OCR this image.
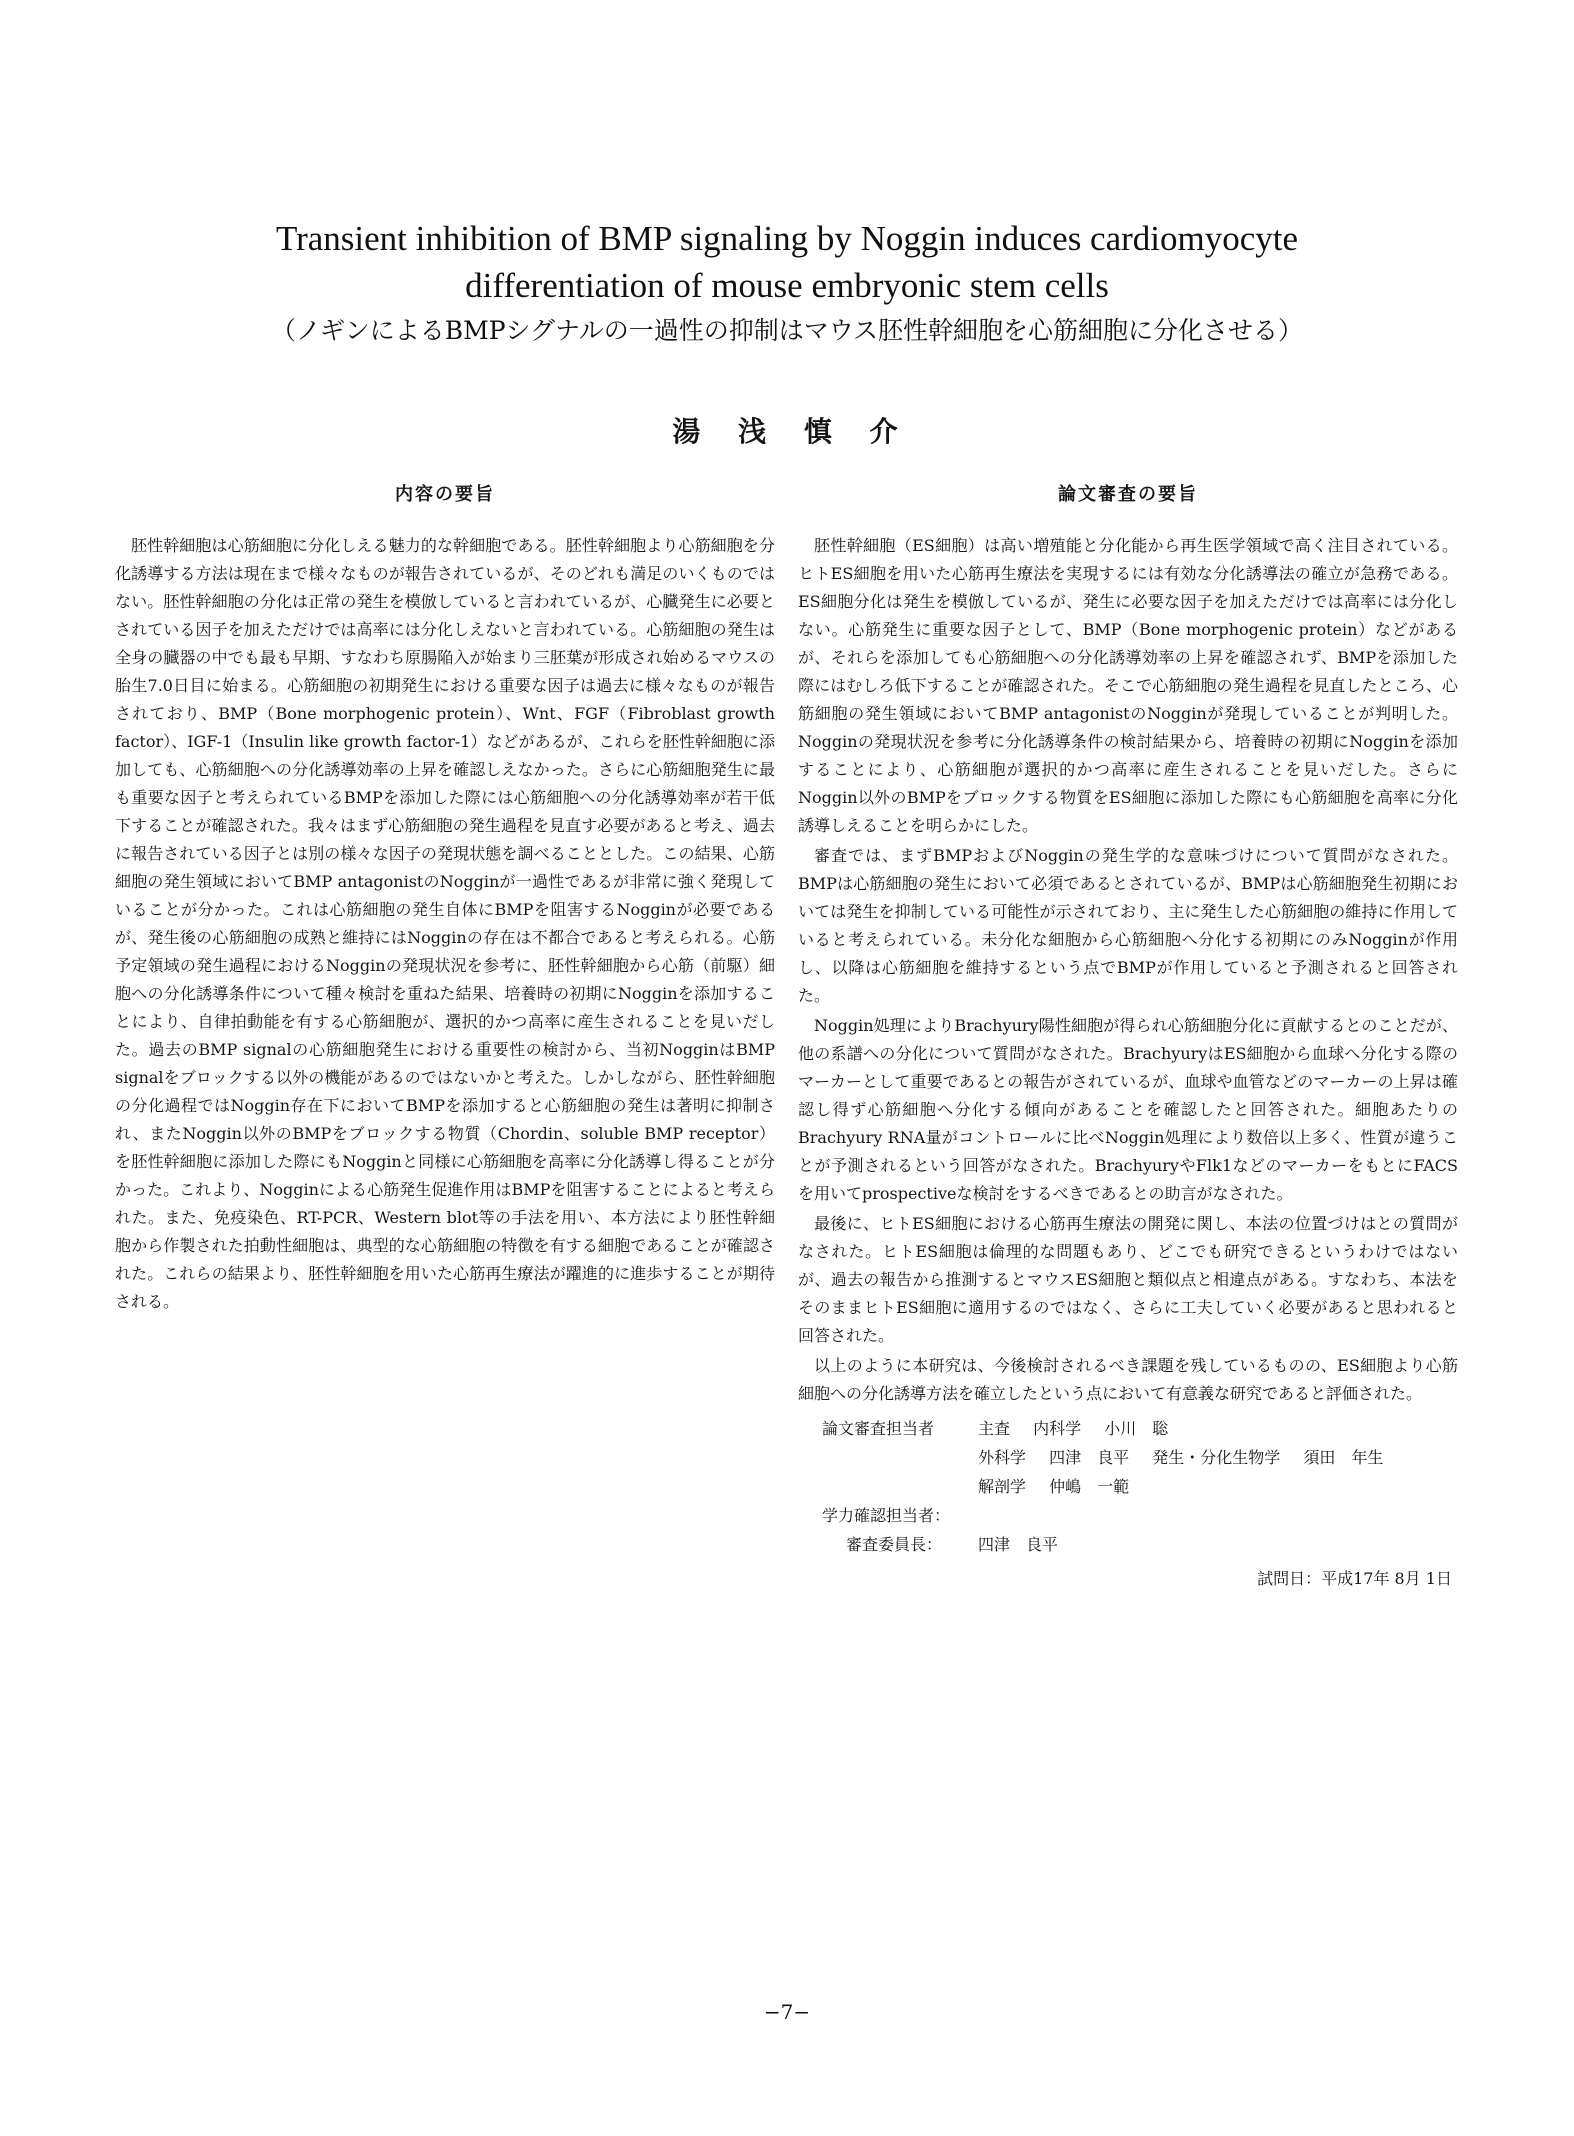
Transient inhibition of BMP signaling by Noggin induces cardiomyocyte differentiation of mouse embryonic stem cells
（ノギンによるBMPシグナルの一過性の抑制はマウス胚性幹細胞を心筋細胞に分化させる）
湯 浅 慎 介
内容の要旨

胚性幹細胞は心筋細胞に分化しえる魅力的な幹細胞である。胚性幹細胞より心筋細胞を分化誘導する方法は現在まで様々なものが報告されているが、そのどれも満足のいくものではない。胚性幹細胞の分化は正常の発生を模倣していると言われているが、心臓発生に必要とされている因子を加えただけでは高率には分化しえないと言われている。心筋細胞の発生は全身の臓器の中でも最も早期、すなわち原腸陥入が始まり三胚葉が形成され始めるマウスの胎生7.0日目に始まる。心筋細胞の初期発生における重要な因子は過去に様々なものが報告されており、BMP（Bone morphogenic protein）、Wnt、FGF（Fibroblast growth factor）、IGF-1（Insulin like growth factor-1）などがあるが、これらを胚性幹細胞に添加しても、心筋細胞への分化誘導効率の上昇を確認しえなかった。さらに心筋細胞発生に最も重要な因子と考えられているBMPを添加した際には心筋細胞への分化誘導効率が若干低下することが確認された。我々はまず心筋細胞の発生過程を見直す必要があると考え、過去に報告されている因子とは別の様々な因子の発現状態を調べることとした。この結果、心筋細胞の発生領域においてBMP antagonistのNogginが一過性であるが非常に強く発現していることが分かった。これは心筋細胞の発生自体にBMPを阻害するNogginが必要であるが、発生後の心筋細胞の成熟と維持にはNogginの存在は不都合であると考えられる。心筋予定領域の発生過程におけるNogginの発現状況を参考に、胚性幹細胞から心筋（前駆）細胞への分化誘導条件について種々検討を重ねた結果、培養時の初期にNogginを添加することにより、自律拍動能を有する心筋細胞が、選択的かつ高率に産生されることを見いだした。過去のBMP signalの心筋細胞発生における重要性の検討から、当初NogginはBMP signalをブロックする以外の機能があるのではないかと考えた。しかしながら、胚性幹細胞の分化過程ではNoggin存在下においてBMPを添加すると心筋細胞の発生は著明に抑制され、またNoggin以外のBMPをブロックする物質（Chordin、soluble BMP receptor）を胚性幹細胞に添加した際にもNogginと同様に心筋細胞を高率に分化誘導し得ることが分かった。これより、Nogginによる心筋発生促進作用はBMPを阻害することによると考えられた。また、免疫染色、RT-PCR、Western blot等の手法を用い、本方法により胚性幹細胞から作製された拍動性細胞は、典型的な心筋細胞の特徴を有する細胞であることが確認された。これらの結果より、胚性幹細胞を用いた心筋再生療法が躍進的に進歩することが期待される。

論文審査の要旨

胚性幹細胞（ES細胞）は高い増殖能と分化能から再生医学領域で高く注目されている。ヒトES細胞を用いた心筋再生療法を実現するには有効な分化誘導法の確立が急務である。ES細胞分化は発生を模倣しているが、発生に必要な因子を加えただけでは高率には分化しない。心筋発生に重要な因子として、BMP（Bone morphogenic protein）などがあるが、それらを添加しても心筋細胞への分化誘導効率の上昇を確認されず、BMPを添加した際にはむしろ低下することが確認された。そこで心筋細胞の発生過程を見直したところ、心筋細胞の発生領域においてBMP antagonistのNogginが発現していることが判明した。Nogginの発現状況を参考に分化誘導条件の検討結果から、培養時の初期にNogginを添加することにより、心筋細胞が選択的かつ高率に産生されることを見いだした。さらにNoggin以外のBMPをブロックする物質をES細胞に添加した際にも心筋細胞を高率に分化誘導しえることを明らかにした。

審査では、まずBMPおよびNogginの発生学的な意味づけについて質問がなされた。BMPは心筋細胞の発生において必須であるとされているが、BMPは心筋細胞発生初期においては発生を抑制している可能性が示されており、主に発生した心筋細胞の維持に作用していると考えられている。未分化な細胞から心筋細胞へ分化する初期にのみNogginが作用し、以降は心筋細胞を維持するという点でBMPが作用していると予測されると回答された。

Noggin処理によりBrachyury陽性細胞が得られ心筋細胞分化に貢献するとのことだが、他の系譜への分化について質問がなされた。BrachyuryはES細胞から血球へ分化する際のマーカーとして重要であるとの報告がされているが、血球や血管などのマーカーの上昇は確認し得ず心筋細胞へ分化する傾向があることを確認したと回答された。細胞あたりのBrachyury RNA量がコントロールに比べNoggin処理により数倍以上多く、性質が違うことが予測されるという回答がなされた。BrachyuryやFlk1などのマーカーをもとにFACSを用いてprospectiveな検討をするべきであるとの助言がなされた。

最後に、ヒトES細胞における心筋再生療法の開発に関し、本法の位置づけはとの質問がなされた。ヒトES細胞は倫理的な問題もあり、どこでも研究できるというわけではないが、過去の報告から推測するとマウスES細胞と類似点と相違点がある。すなわち、本法をそのままヒトES細胞に適用するのではなく、さらに工夫していく必要があると思われると回答された。

以上のように本研究は、今後検討されるべき課題を残しているものの、ES細胞より心筋細胞への分化誘導方法を確立したという点において有意義な研究であると評価された。

論文審査担当者	主査 内科学 小川　聡
外科学 四津　良平 発生・分化生物学 須田　年生
解剖学 仲嶋　一範
学力確認担当者：
審査委員長：	四津　良平
試問日：平成17年 8月 1日
−7−
